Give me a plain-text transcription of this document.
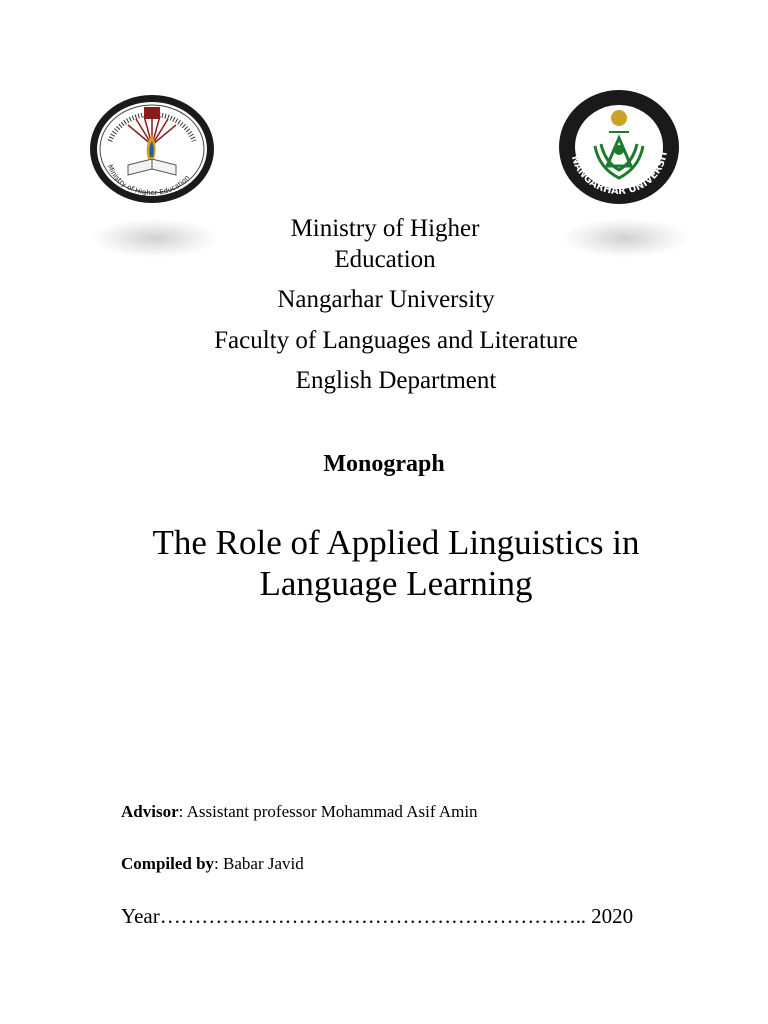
Ministry of Higher Education
NANGARHAR UNIVERSIT
Ministry of Higher Education
Nangarhar University
Faculty of Languages and Literature
English Department
Monograph
The Role of Applied Linguistics in
Language Learning
Advisor: Assistant professor Mohammad Asif Amin
Compiled by: Babar Javid
Year…………………………………………………….. 2020
